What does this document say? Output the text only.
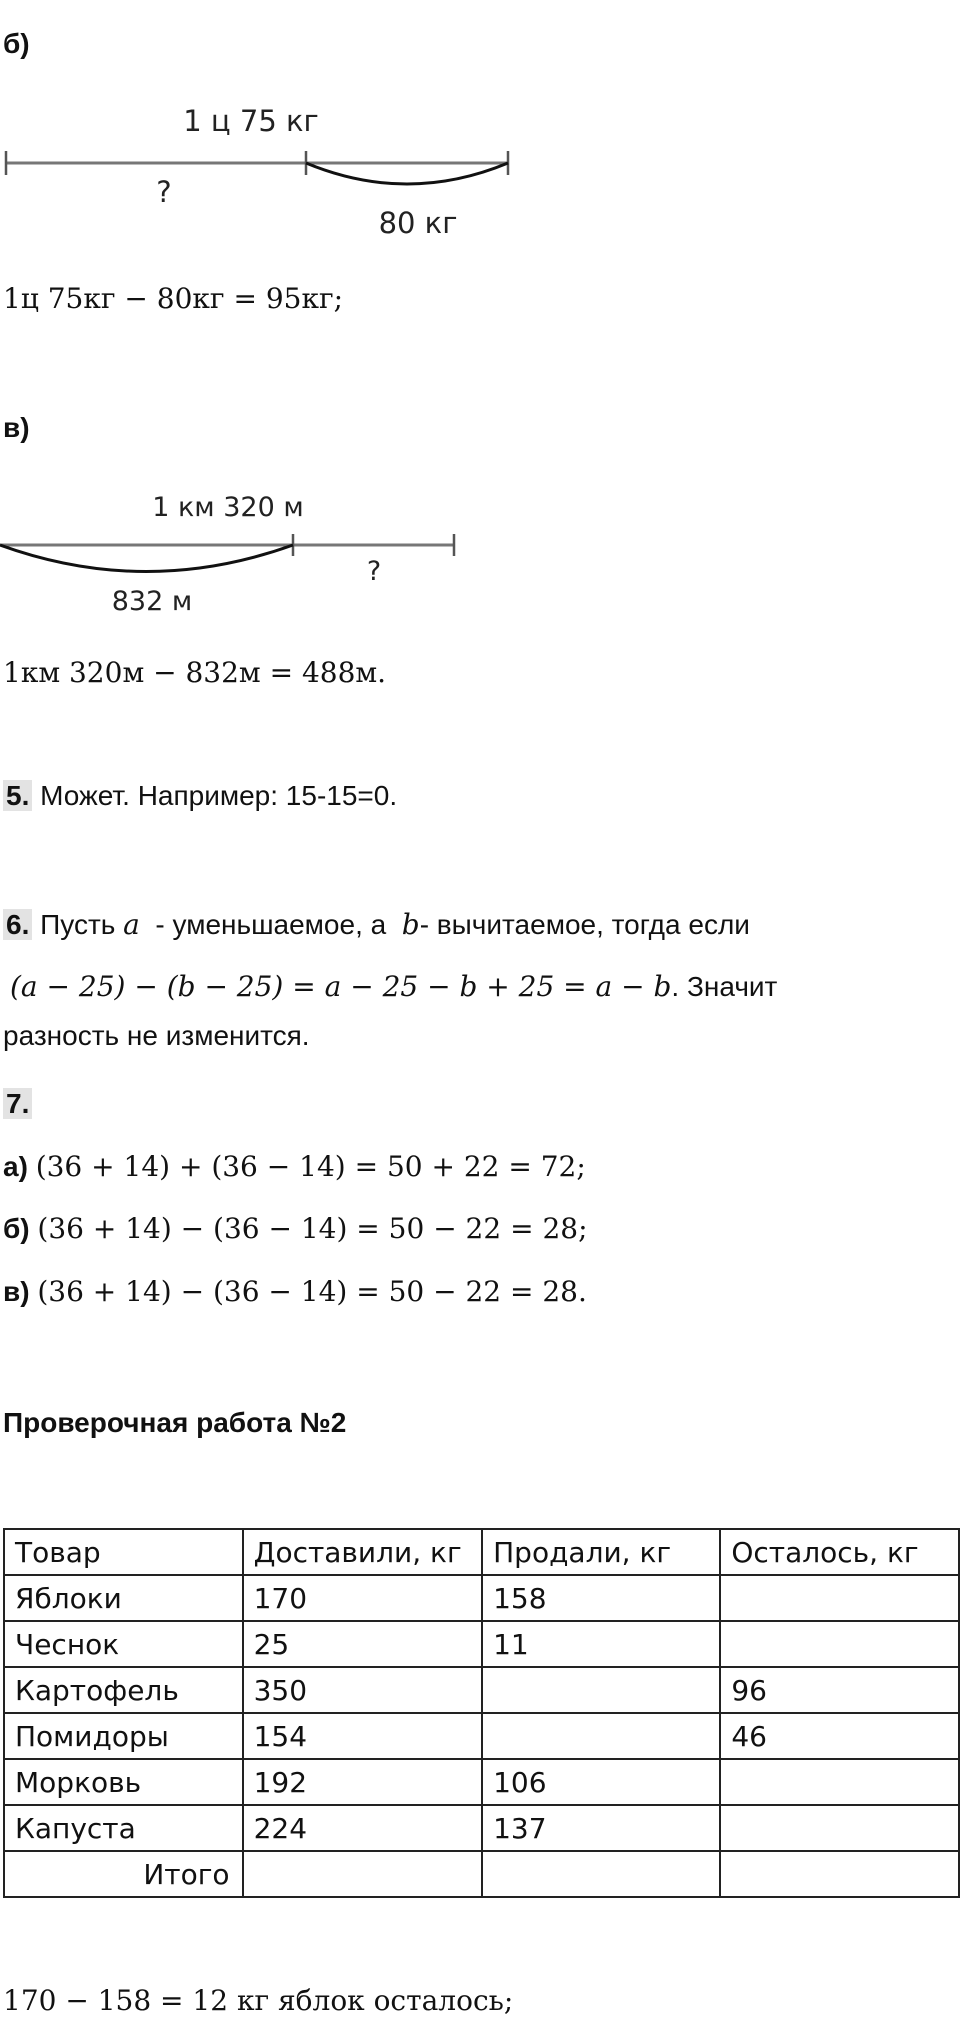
б)
1 ц 75 кг
?
80 кг
1ц 75кг − 80кг = 95кг;
в)
1 км 320 м
832 м
?
1км 320м − 832м = 488м.
5. Может. Например: 15-15=0.
6. Пусть a  - уменьшаемое, а  b- вычитаемое, тогда если
(a − 25) − (b − 25) = a − 25 − b + 25 = a − b. Значит
разность не изменится.
7.
а) (36 + 14) + (36 − 14) = 50 + 22 = 72;
б) (36 + 14) − (36 − 14) = 50 − 22 = 28;
в) (36 + 14) − (36 − 14) = 50 − 22 = 28.
Проверочная работа №2
Товар	Доставили, кг	Продали, кг	Осталось, кг
Яблоки	170	158	
Чеснок	25	11	
Картофель	350		96
Помидоры	154		46
Морковь	192	106	
Капуста	224	137	
Итого			
170 − 158 = 12 кг яблок осталось;
